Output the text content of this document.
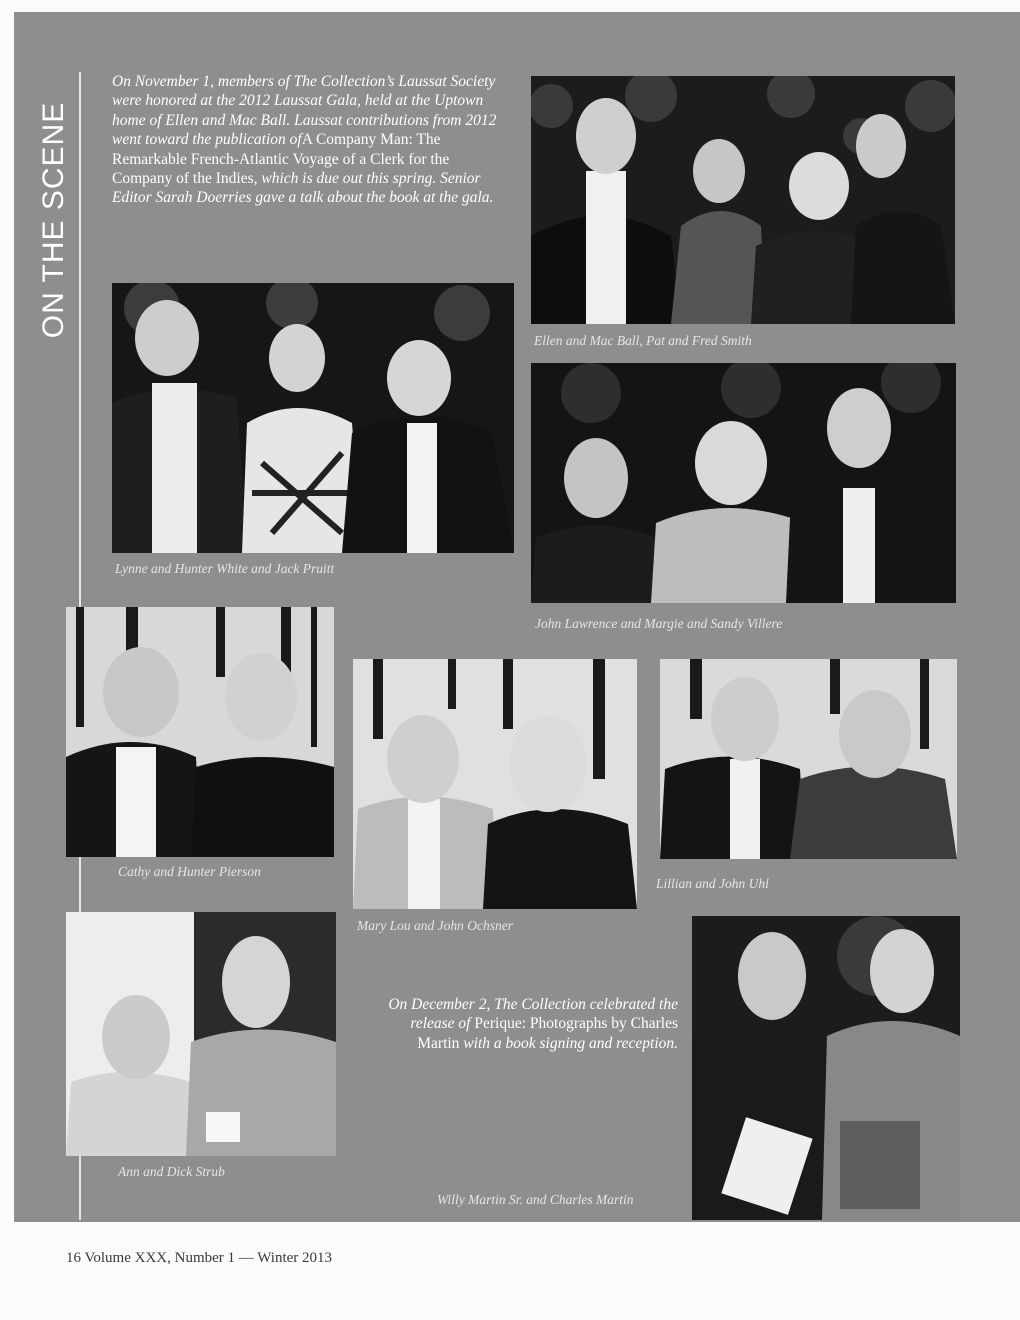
ON THE SCENE
On November 1, members of The Collection’s Laussat Society were honored at the 2012 Laussat Gala, held at the Uptown home of Ellen and Mac Ball. Laussat contributions from 2012 went toward the publication ofA Company Man: The Remarkable French-Atlantic Voyage of a Clerk for the Company of the Indies, which is due out this spring. Senior Editor Sarah Doerries gave a talk about the book at the gala.
Ellen and Mac Ball, Pat and Fred Smith
Lynne and Hunter White and Jack Pruitt
John Lawrence and Margie and Sandy Villere
Cathy and Hunter Pierson
Mary Lou and John Ochsner
Lillian and John Uhl
Ann and Dick Strub
On December 2, The Collection celebrated the release of Perique: Photographs by Charles Martin with a book signing and reception.
Willy Martin Sr. and Charles Martin
16 Volume XXX, Number 1 — Winter 2013
